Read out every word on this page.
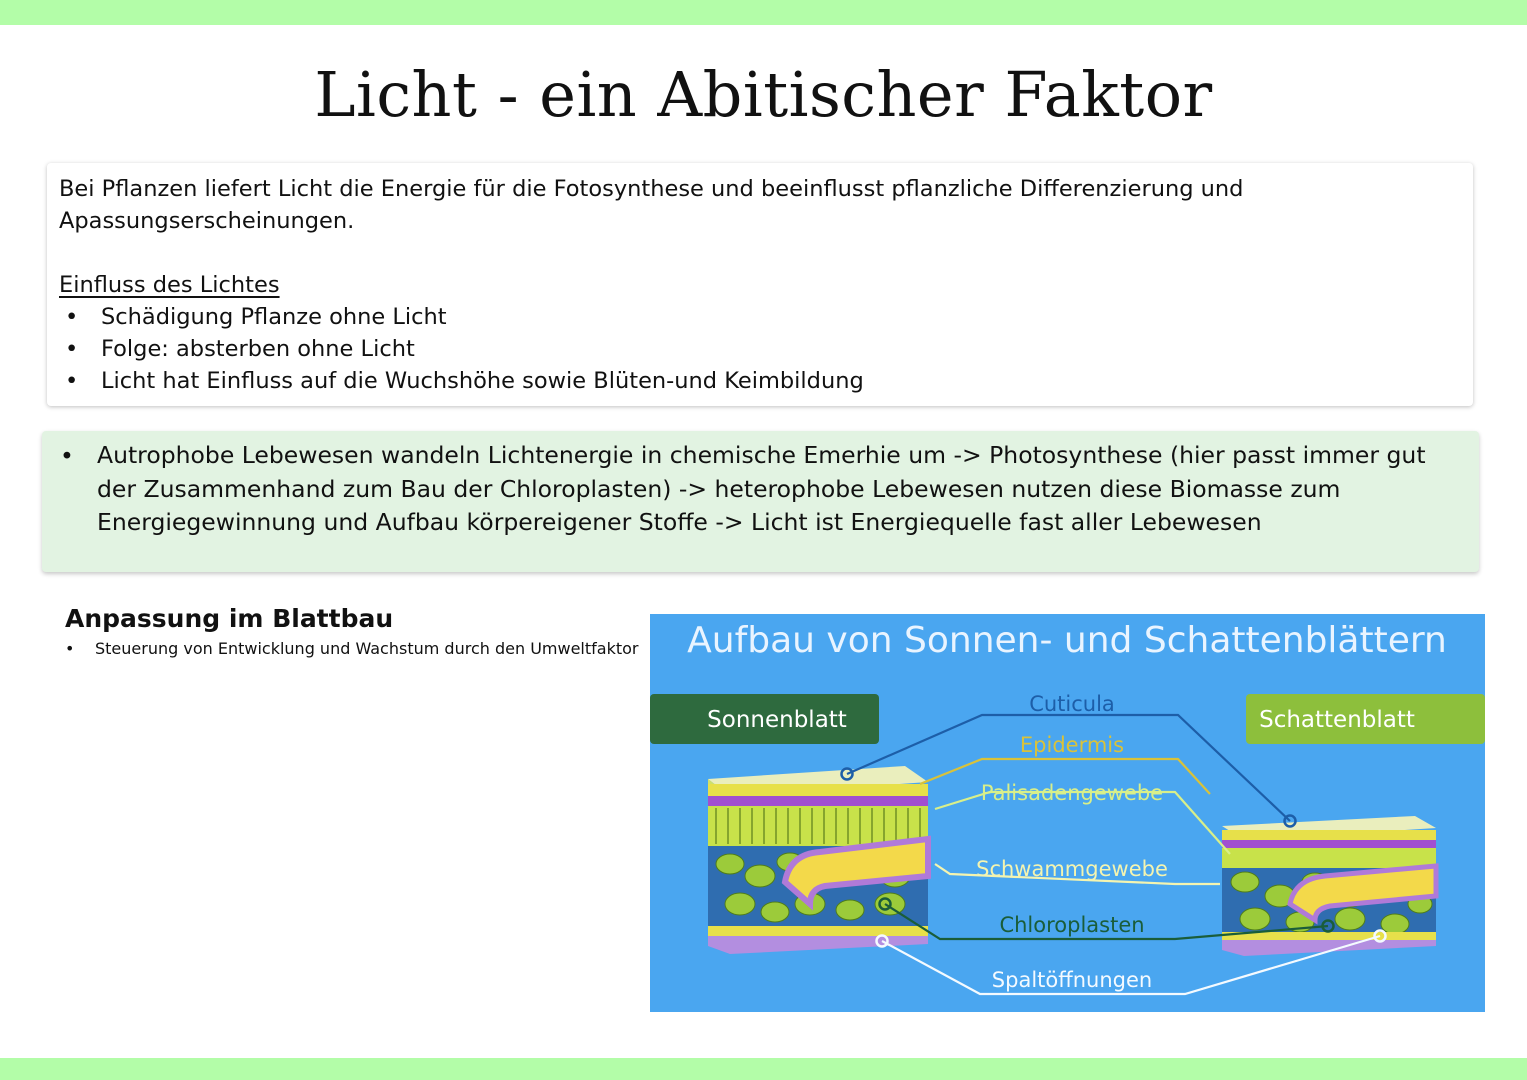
Licht - ein Abitischer Faktor

Bei Pflanzen liefert Licht die Energie für die Fotosynthese und beeinflusst pflanzliche Differenzierung und Apassungserscheinungen.

Einfluss des Lichtes
• Schädigung Pflanze ohne Licht
• Folge: absterben ohne Licht
• Licht hat Einfluss auf die Wuchshöhe sowie Blüten-und Keimbildung
• Autrophobe Lebewesen wandeln Lichtenergie in chemische Emerhie um -> Photosynthese (hier passt immer gut der Zusammenhand zum Bau der Chloroplasten) -> heterophobe Lebewesen nutzen diese Biomasse zum Energiegewinnung und Aufbau körpereigener Stoffe -> Licht ist Energiequelle fast aller Lebewesen
Anpassung im Blattbau
• Steuerung von Entwicklung und Wachstum durch den Umweltfaktor Aufbau von Sonnen- und Schattenblättern
Sonnenblatt	Schattenblatt
Cuticula
Epidermis
Palisadengewebe
Schwammgewebe
Chloroplasten
Spaltöffnungen
